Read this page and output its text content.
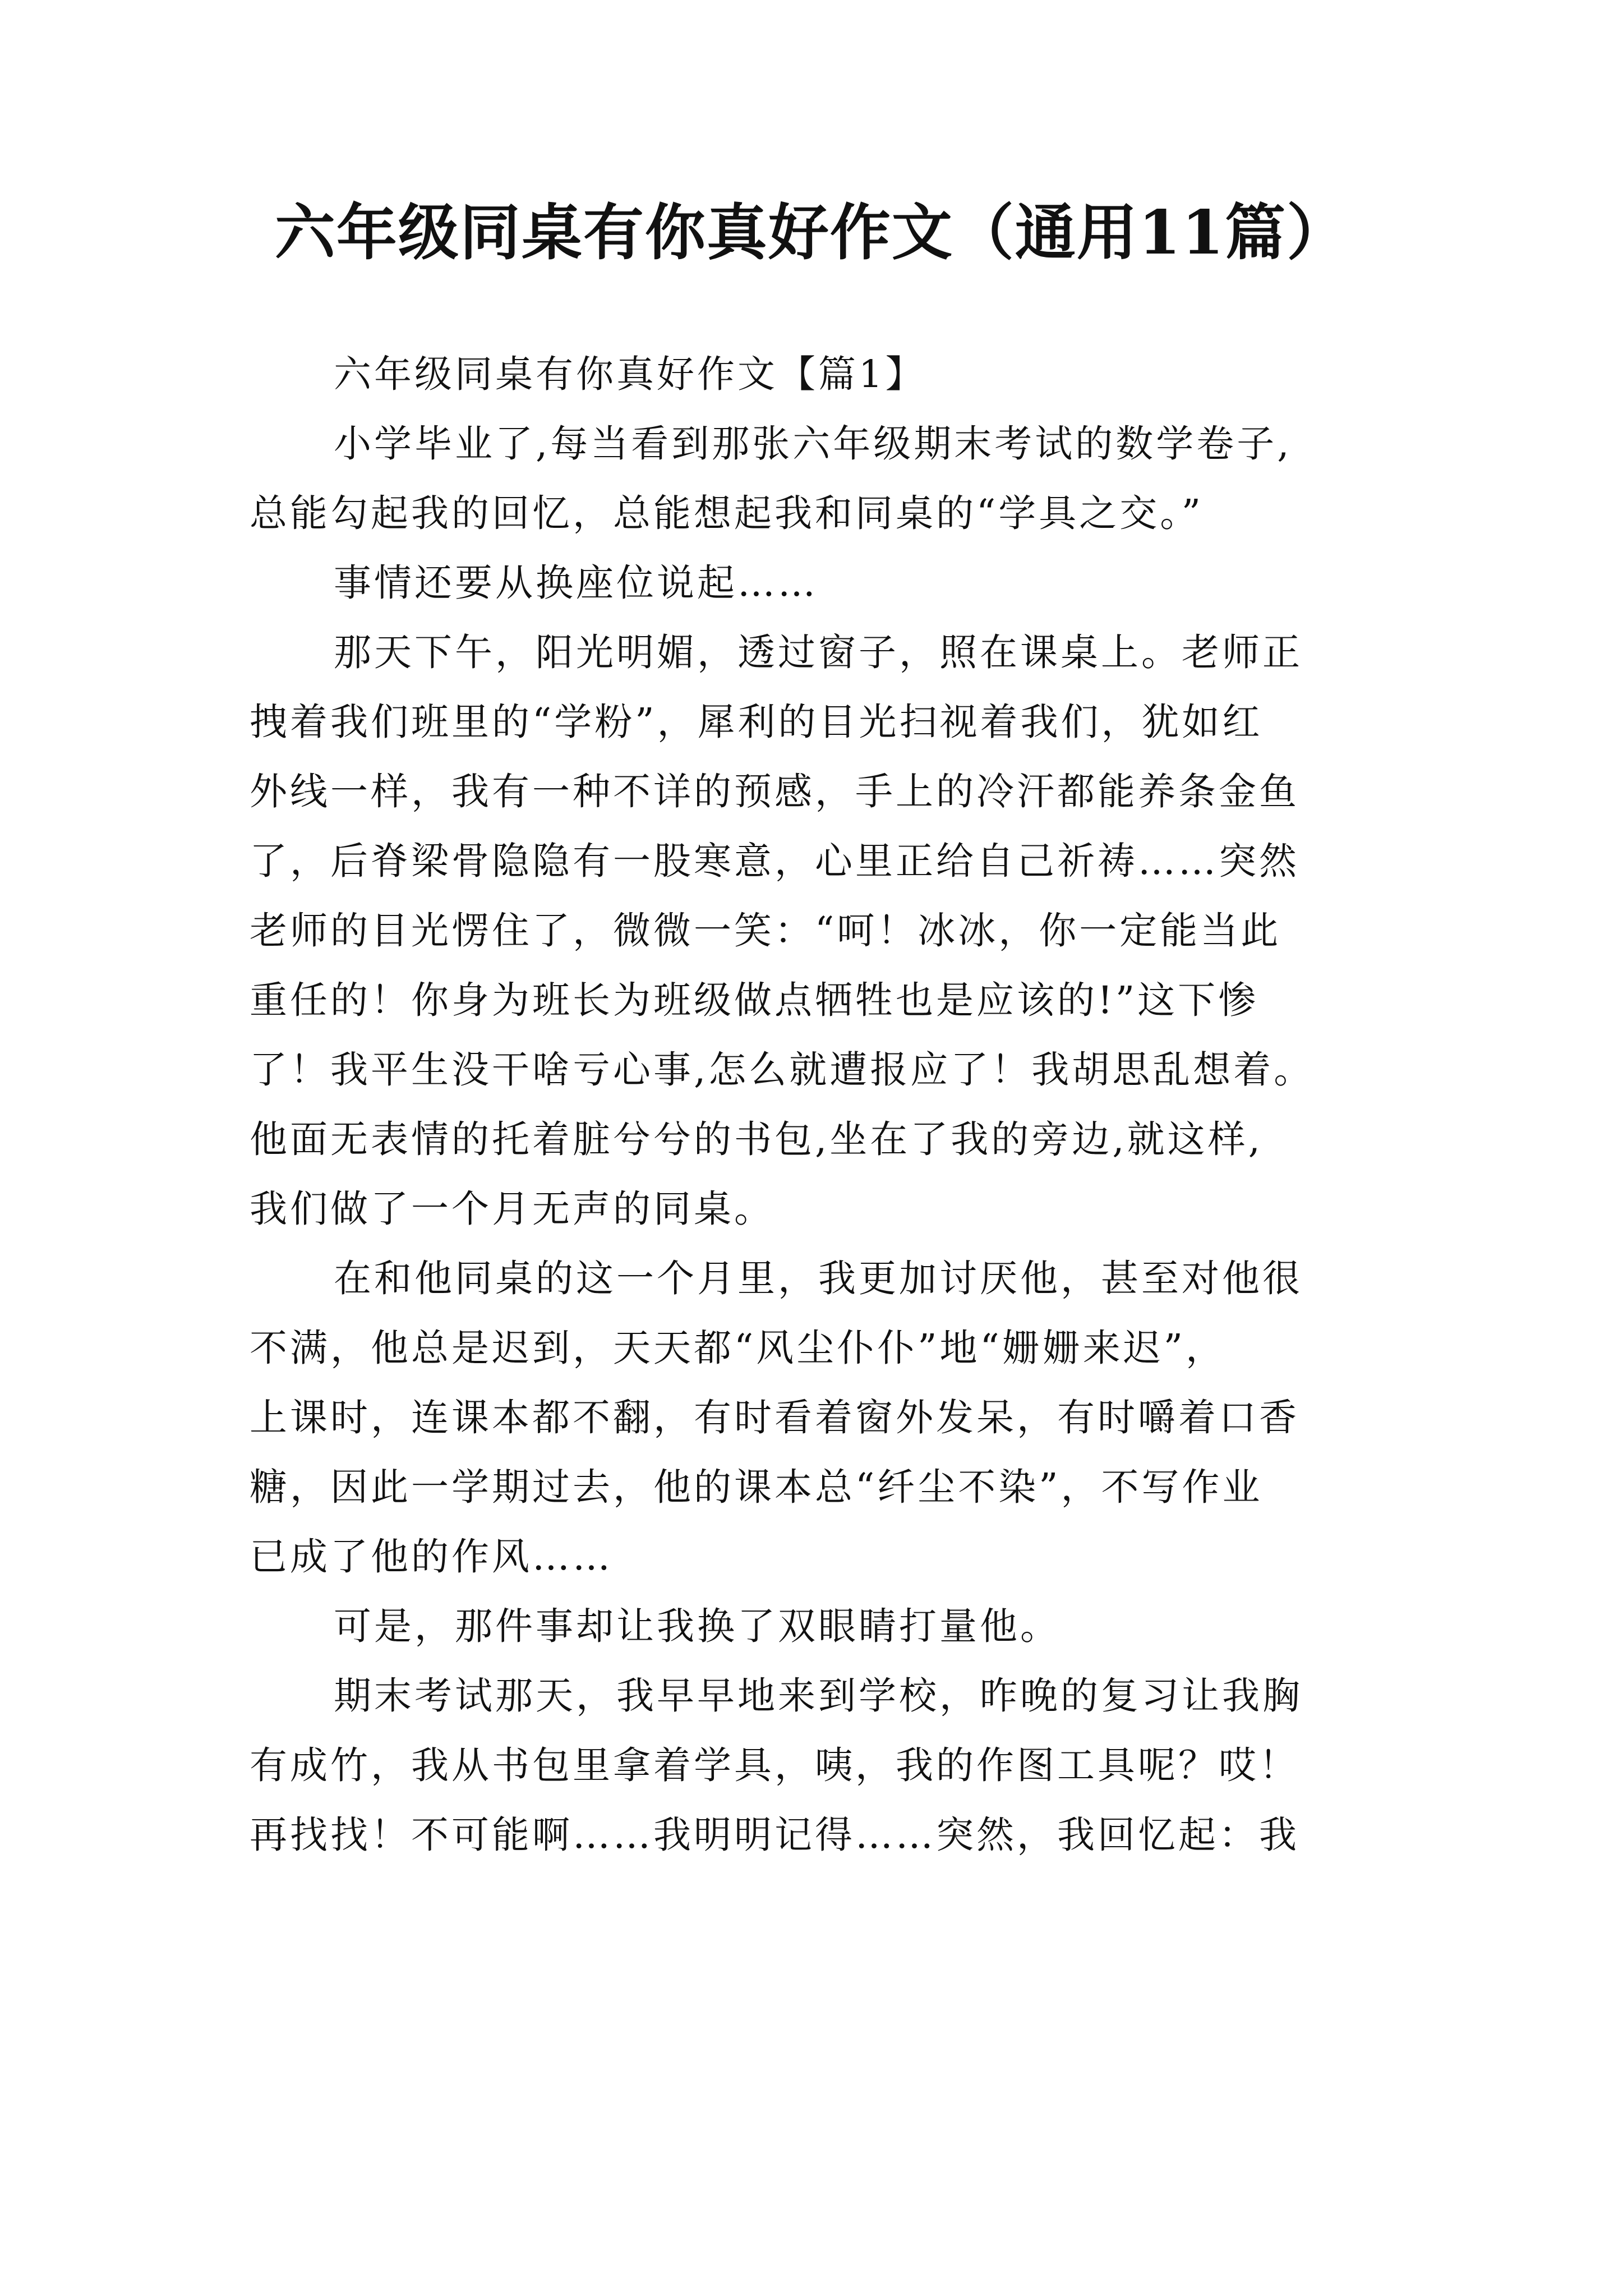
六年级同桌有你真好作文（通用11篇）
六年级同桌有你真好作文【篇1】
小学毕业了,每当看到那张六年级期末考试的数学卷子,
总能勾起我的回忆，总能想起我和同桌的“学具之交。”
事情还要从换座位说起……
那天下午，阳光明媚，透过窗子，照在课桌上。老师正
拽着我们班里的“学粉”，犀利的目光扫视着我们，犹如红
外线一样，我有一种不详的预感，手上的冷汗都能养条金鱼
了，后脊梁骨隐隐有一股寒意，心里正给自己祈祷……突然
老师的目光愣住了，微微一笑：“呵！冰冰，你一定能当此
重任的！你身为班长为班级做点牺牲也是应该的!”这下惨
了！我平生没干啥亏心事,怎么就遭报应了！我胡思乱想着。
他面无表情的托着脏兮兮的书包,坐在了我的旁边,就这样,
我们做了一个月无声的同桌。
在和他同桌的这一个月里，我更加讨厌他，甚至对他很
不满，他总是迟到，天天都“风尘仆仆”地“姗姗来迟”，
上课时，连课本都不翻，有时看着窗外发呆，有时嚼着口香
糖，因此一学期过去，他的课本总“纤尘不染”，不写作业
已成了他的作风……
可是，那件事却让我换了双眼睛打量他。
期末考试那天，我早早地来到学校，昨晚的复习让我胸
有成竹，我从书包里拿着学具，咦，我的作图工具呢？哎！
再找找！不可能啊……我明明记得……突然，我回忆起：我
